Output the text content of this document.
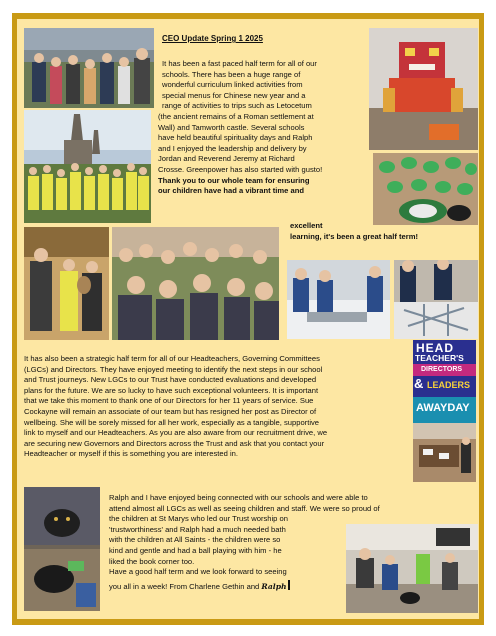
CEO Update Spring 1 2025
It has been a fast paced half term for all of our
schools. There has been a huge range of
wonderful curriculum linked activities from
special menus for Chinese new year and a
range of activities to trips such as Letocetum
(the ancient remains of a Roman settlement at
Wall) and Tamworth castle. Several schools
have held beautiful spirituality days and Ralph
and I enjoyed the leadership and delivery by
Jordan and Reverend Jeremy at Richard
Crosse. Greenpower has also started with gusto!
Thank you to our whole team for ensuring
our children have had a vibrant time and
excellent
learning, it's been a great half term!
It has also been a strategic half term for all of our Headteachers, Governing Committees
(LGCs) and Directors. They have enjoyed meeting to identify the next steps in our school
and Trust journeys. New LGCs to our Trust have conducted evaluations and developed
plans for the future. We are so lucky to have such exceptional volunteers. It is important
that we take this moment to thank one of our Directors for her 11 years of service. Sue
Cockayne will remain an associate of our team but has resigned her post as Director of
wellbeing. She will be sorely missed for all her work, especially as a tangible, supportive
link to myself and our Headteachers. As you are also aware from our recruitment drive, we
are securing new Governors and Directors across the Trust and ask that you contact your
Headteacher or myself if this is something you are interested in.
HEAD
TEACHER'S
DIRECTORS
& LEADERS
AWAYDAY
Ralph and I have enjoyed being connected with our schools and were able to
attend almost all LGCs as well as seeing children and staff. We were so proud of
the children at St Marys who led our Trust worship on
'trustworthiness' and Ralph had a much needed bath
with the children at All Saints - the children were so
kind and gentle and had a ball playing with him - he
liked the book corner too.
Have a good half term and we look forward to seeing
you all in a week! From Charlene Gethin and Ralph
